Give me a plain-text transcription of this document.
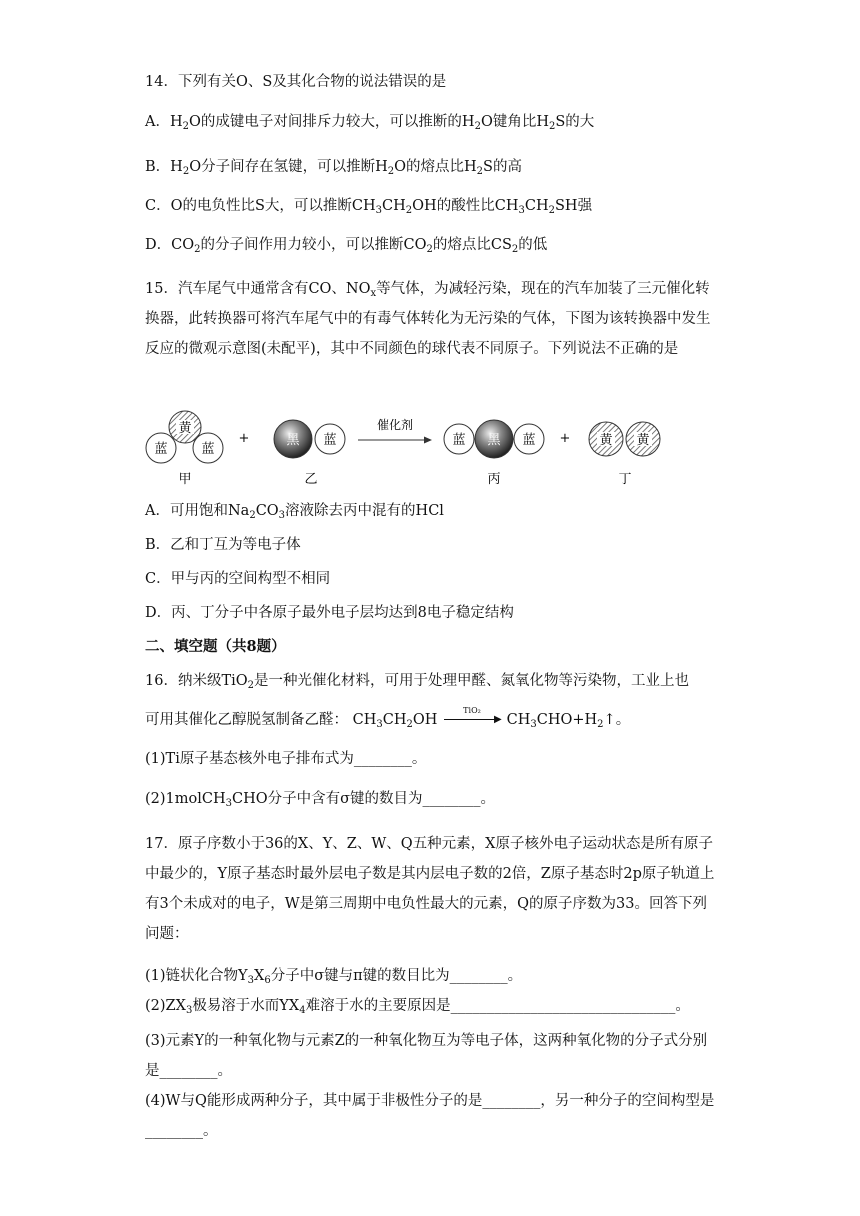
14．下列有关O、S及其化合物的说法错误的是
A．$H_2O$的成键电子对间排斥力较大，可以推断的$H_2O$键角比$H_2S$的大
B．$H_2O$分子间存在氢键，可以推断$H_2O$的熔点比$H_2S$的高
C．O的电负性比S大，可以推断$CH_3CH_2OH$的酸性比$CH_3CH_2SH$强
D．$CO_2$的分子间作用力较小，可以推断$CO_2$的熔点比$CS_2$的低
15．汽车尾气中通常含有CO、$NO_x$等气体，为减轻污染，现在的汽车加装了三元催化转换器，此转换器可将汽车尾气中的有毒气体转化为无污染的气体，下图为该转换器中发生反应的微观示意图(未配平)，其中不同颜色的球代表不同原子。下列说法不正确的是
黄
蓝	蓝
+	黑 蓝
催化剂
蓝 黑 蓝 + 黄 黄
甲	乙	丙	丁
A．可用饱和$Na_2CO_3$溶液除去丙中混有的HCl
B．乙和丁互为等电子体
C．甲与丙的空间构型不相同
D．丙、丁分子中各原子最外电子层均达到8电子稳定结构
二、填空题（共8题）
16．纳米级TiO$_2$是一种光催化材料，可用于处理甲醛、氮氧化物等污染物，工业上也
可用其催化乙醇脱氢制备乙醛： $CH_3CH_2OH$
TiO₂
▶ $CH_3CHO+H_2↑$。
(1)Ti原子基态核外电子排布式为________。
(2)1molCH$_3$CHO分子中含有σ键的数目为________。
17．原子序数小于36的X、Y、Z、W、Q五种元素，X原子核外电子运动状态是所有原子中最少的，Y原子基态时最外层电子数是其内层电子数的2倍，Z原子基态时2p原子轨道上有3个未成对的电子，W是第三周期中电负性最大的元素，Q的原子序数为33。回答下列问题：
(1)链状化合物$Y_3X_6$分子中σ键与π键的数目比为________。
$(2)ZX_3$极易溶于水而$YX_4$难溶于水的主要原因是_______________________________。
(3)元素Y的一种氧化物与元素Z的一种氧化物互为等电子体，这两种氧化物的分子式分别是________。
(4)W与Q能形成两种分子，其中属于非极性分子的是________，另一种分子的空间构型是________。
